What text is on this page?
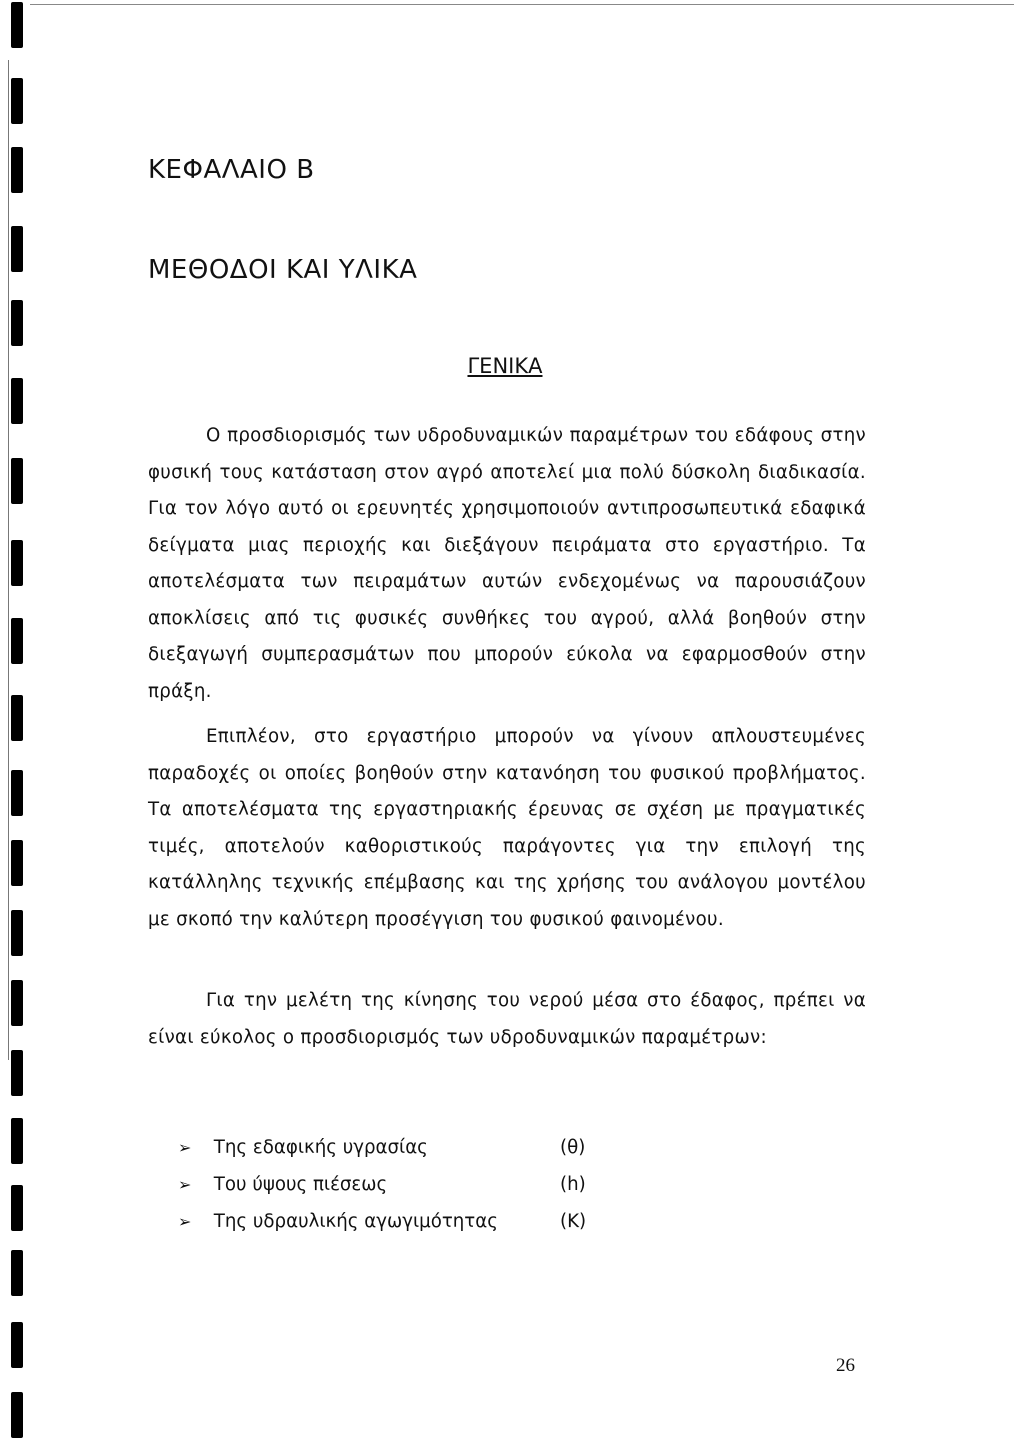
ΚΕΦΑΛΑΙΟ Β
ΜΕΘΟΔΟΙ ΚΑΙ ΥΛΙΚΑ
ΓΕΝΙΚΑ

Ο προσδιορισμός των υδροδυναμικών παραμέτρων του εδάφους στην φυσική τους κατάσταση στον αγρό αποτελεί μια πολύ δύσκολη διαδικασία. Για τον λόγο αυτό οι ερευνητές χρησιμοποιούν αντιπροσωπευτικά εδαφικά δείγματα μιας περιοχής και διεξάγουν πειράματα στο εργαστήριο. Τα αποτελέσματα των πειραμάτων αυτών ενδεχομένως να παρουσιάζουν αποκλίσεις από τις φυσικές συνθήκες του αγρού, αλλά βοηθούν στην διεξαγωγή συμπερασμάτων που μπορούν εύκολα να εφαρμοσθούν στην πράξη.

Επιπλέον, στο εργαστήριο μπορούν να γίνουν απλουστευμένες παραδοχές οι οποίες βοηθούν στην κατανόηση του φυσικού προβλήματος. Τα αποτελέσματα της εργαστηριακής έρευνας σε σχέση με πραγματικές τιμές, αποτελούν καθοριστικούς παράγοντες για την επιλογή της κατάλληλης τεχνικής επέμβασης και της χρήσης του ανάλογου μοντέλου με σκοπό την καλύτερη προσέγγιση του φυσικού φαινομένου.

Για την μελέτη της κίνησης του νερού μέσα στο έδαφος, πρέπει να είναι εύκολος ο προσδιορισμός των υδροδυναμικών παραμέτρων:

➢ Της εδαφικής υγρασίας	(θ)
➢ Του ύψους πιέσεως	(h)
➢ Της υδραυλικής αγωγιμότητας	(Κ)
26
